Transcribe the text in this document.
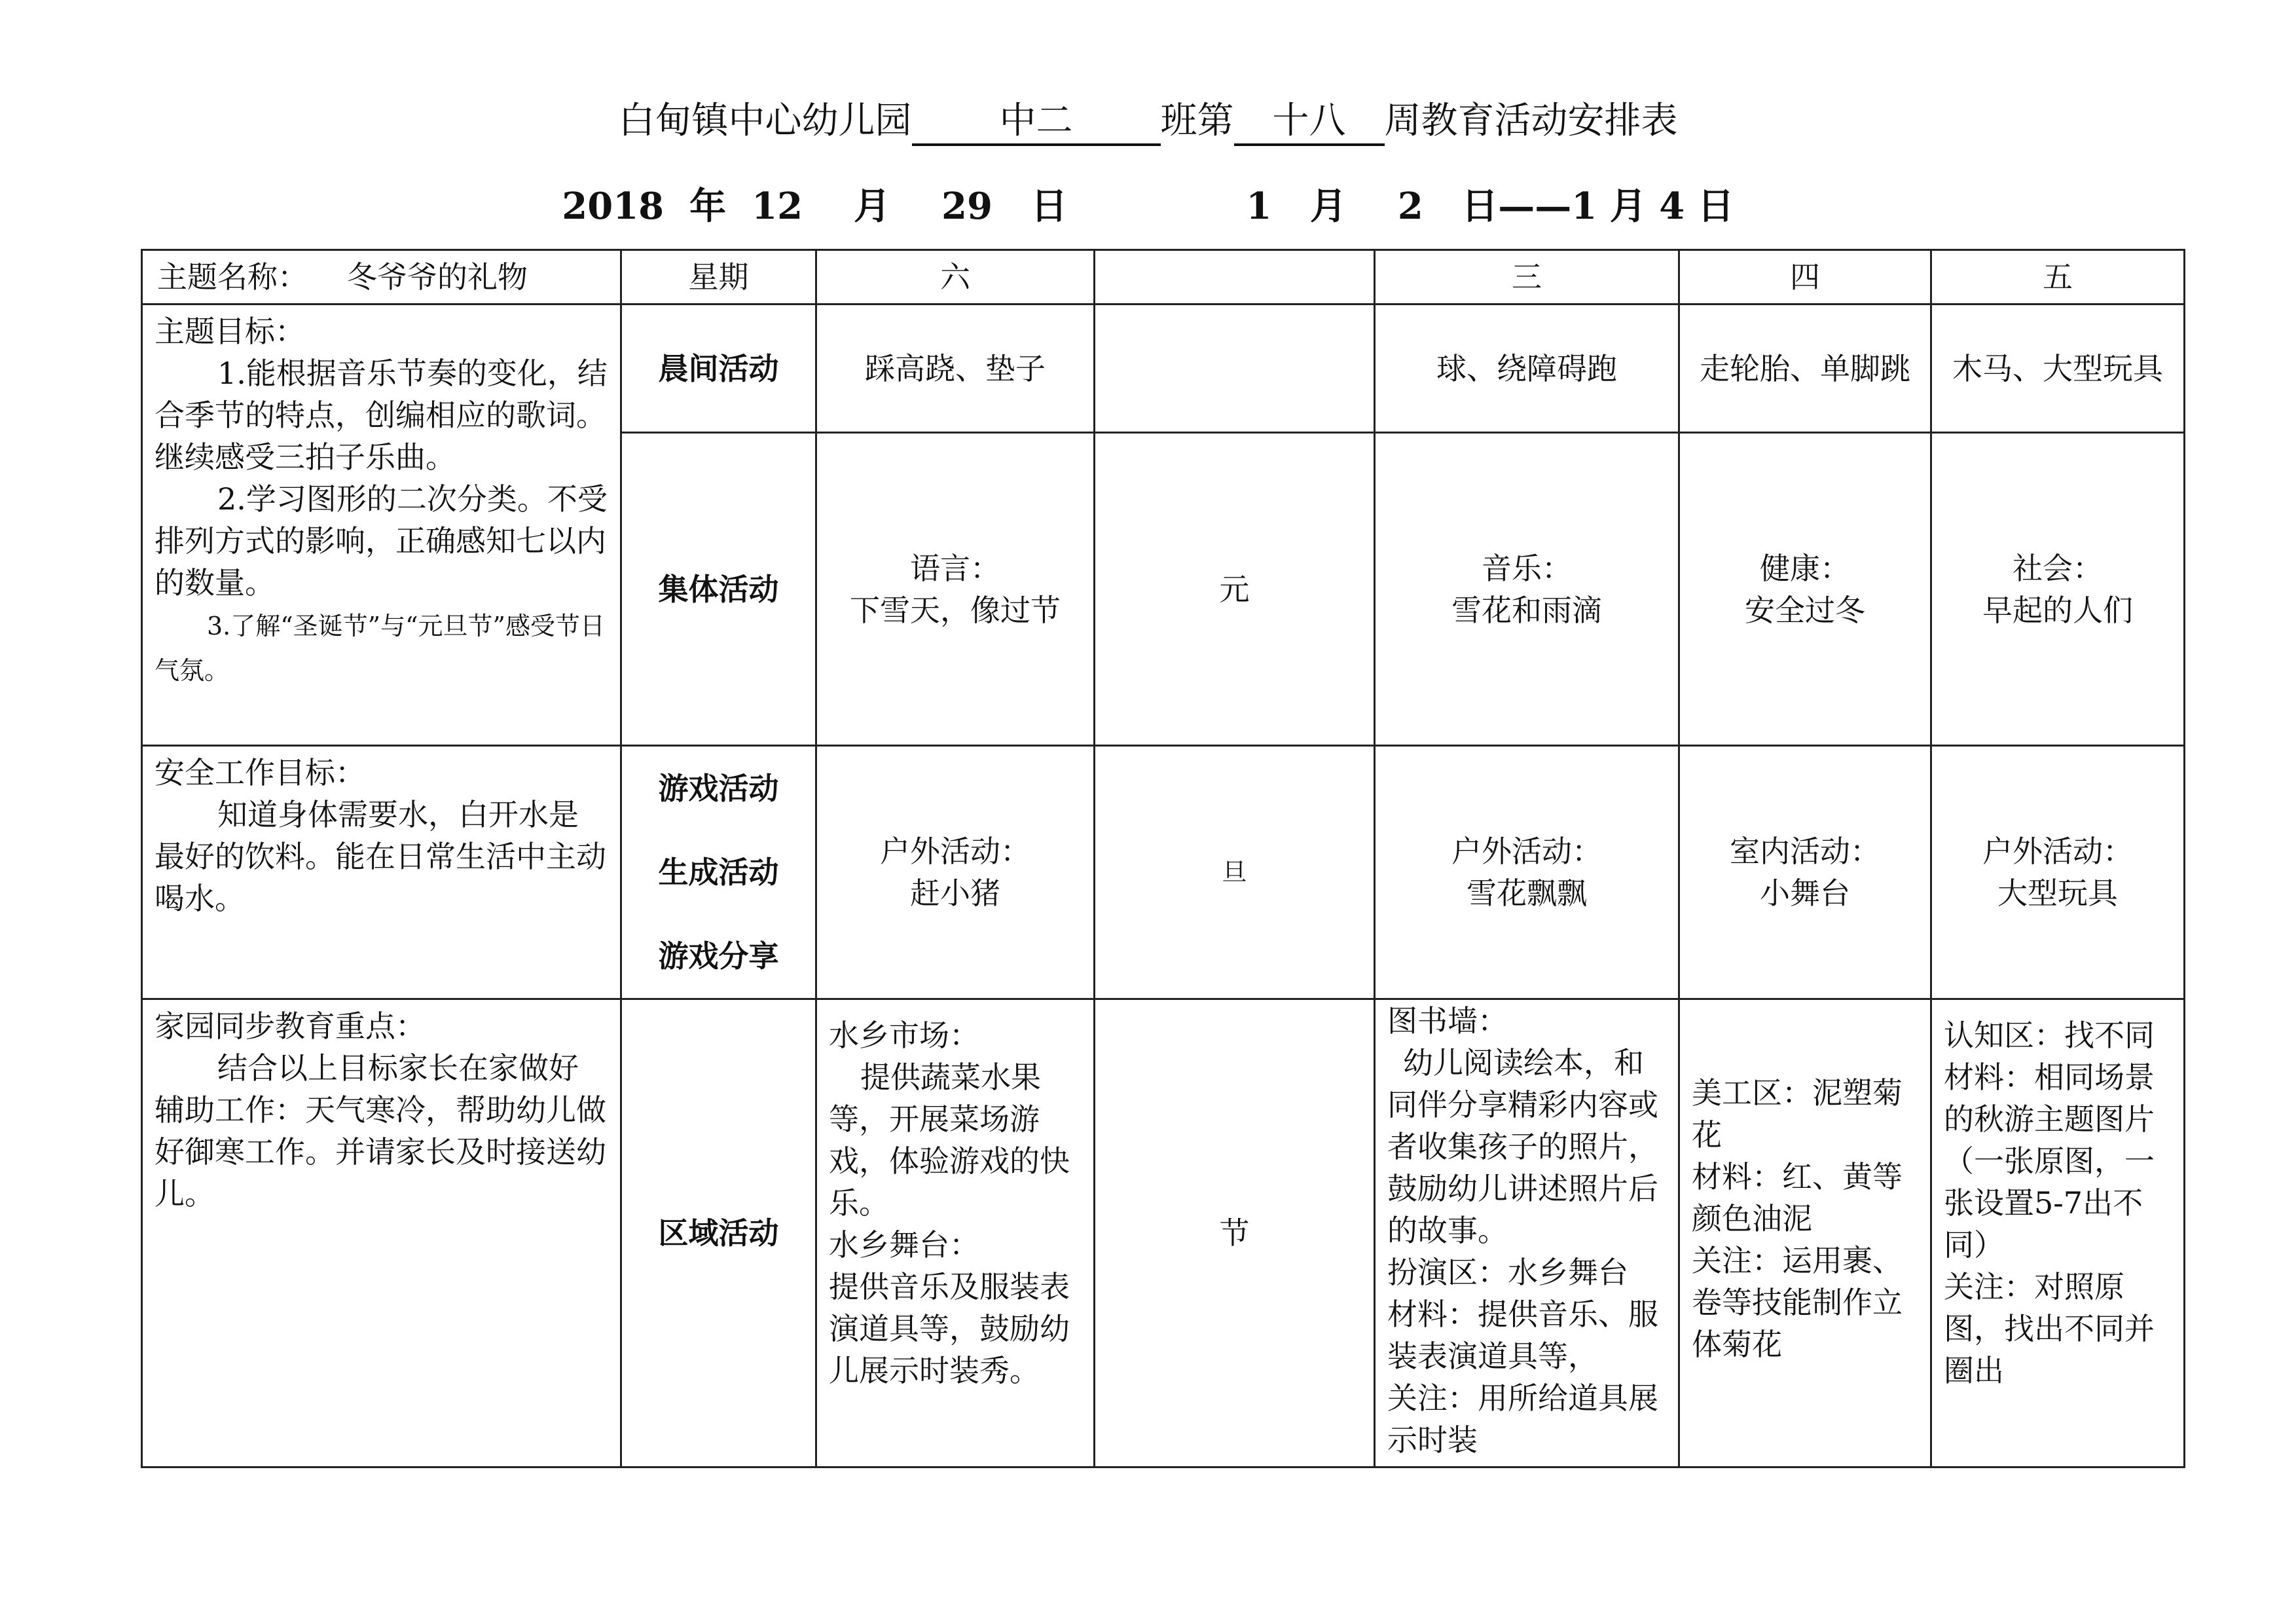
白甸镇中心幼儿园 中二 班第 十八 周教育活动安排表
2018  年  12    月    29   日              1   月    2   日——1 月 4 日
主题名称： 冬爷爷的礼物	星期	六		三	四	五

主题目标：
1.能根据音乐节奏的变化，结合季节的特点，创编相应的歌词。继续感受三拍子乐曲。
2.学习图形的二次分类。不受排列方式的影响，正确感知七以内的数量。
3.了解“圣诞节”与“元旦节”感受节日气氛。	晨间活动	踩高跷、垫子		球、绕障碍跑	走轮胎、单脚跳	木马、大型玩具
	集体活动	语言：
下雪天，像过节	元	音乐：
雪花和雨滴	健康：
安全过冬	社会：
早起的人们

安全工作目标：
知道身体需要水，白开水是最好的饮料。能在日常生活中主动喝水。	游戏活动
生成活动
游戏分享	户外活动：
赶小猪	旦	户外活动：
雪花飘飘	室内活动：
小舞台	户外活动：
大型玩具

家园同步教育重点：
结合以上目标家长在家做好辅助工作：天气寒冷，帮助幼儿做好御寒工作。并请家长及时接送幼儿。	区域活动	水乡市场：
提供蔬菜水果等，开展菜场游戏，体验游戏的快乐。
水乡舞台：
提供音乐及服装表演道具等，鼓励幼儿展示时装秀。	节	图书墙：
幼儿阅读绘本，和同伴分享精彩内容或者收集孩子的照片，鼓励幼儿讲述照片后的故事。
扮演区：水乡舞台
材料：提供音乐、服装表演道具等，
关注：用所给道具展示时装	美工区：泥塑菊花
材料：红、黄等颜色油泥
关注：运用裹、卷等技能制作立体菊花	认知区：找不同
材料：相同场景的秋游主题图片（一张原图，一张设置5-7出不同）
关注：对照原图，找出不同并圈出
